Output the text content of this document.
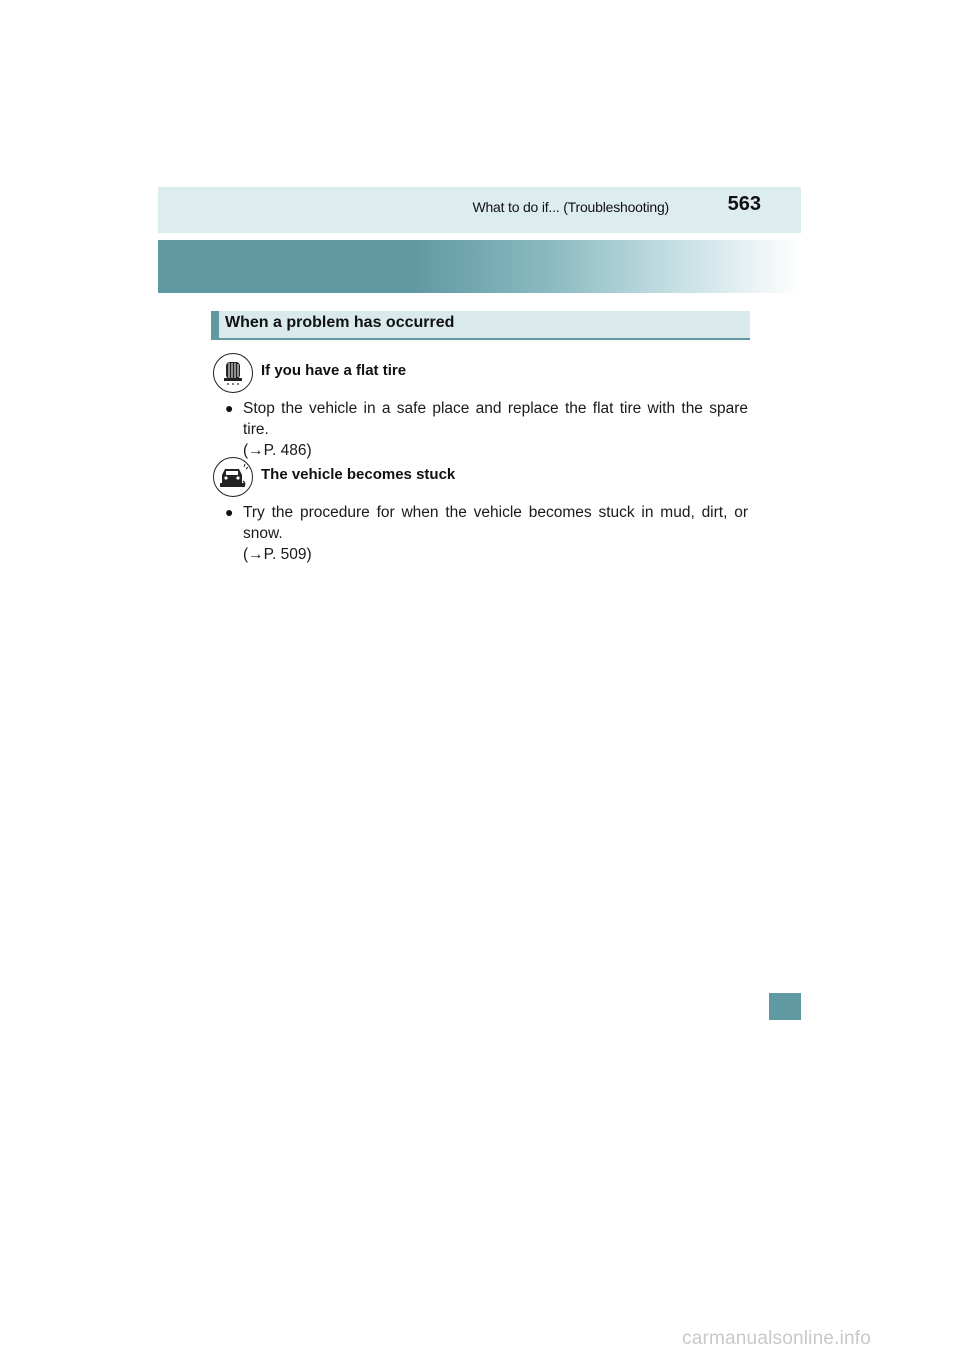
What to do if... (Troubleshooting)	563
When a problem has occurred
If you have a flat tire
● Stop the vehicle in a safe place and replace the flat tire with the spare tire.
(→P. 486)
The vehicle becomes stuck
● Try the procedure for when the vehicle becomes stuck in mud, dirt, or snow.
(→P. 509)
carmanualsonline.info
